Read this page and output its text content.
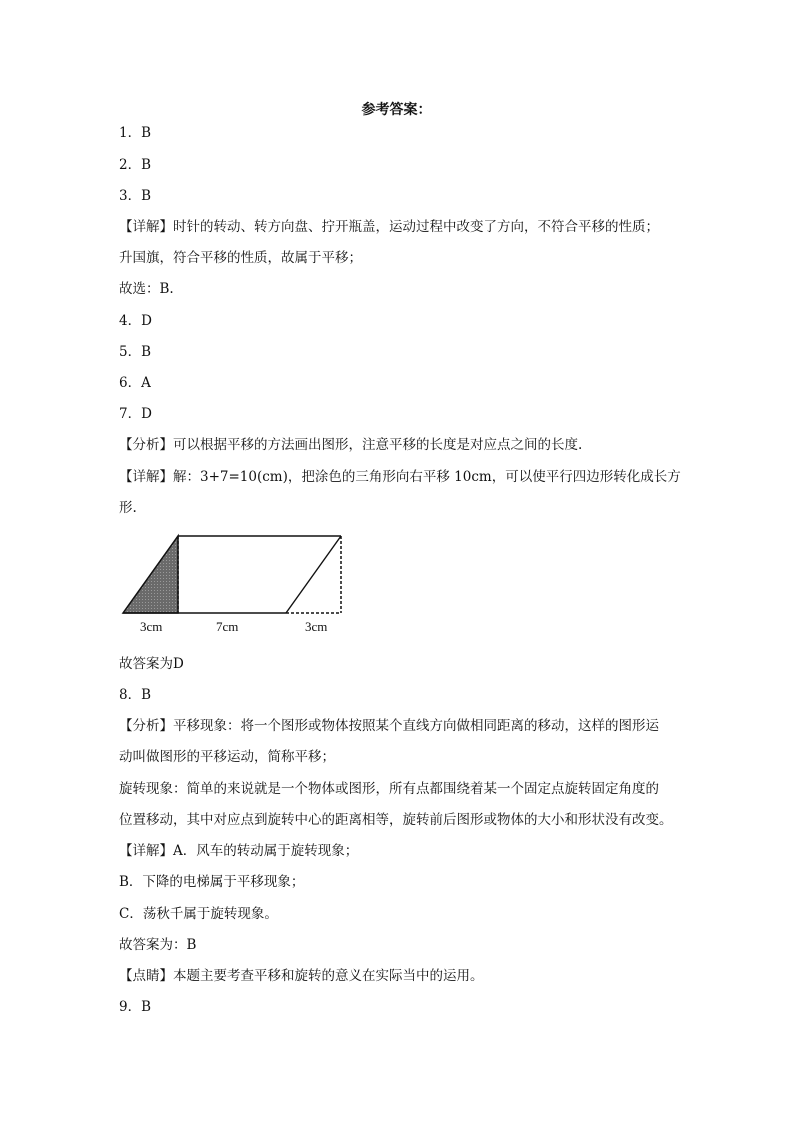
参考答案：
1．B
2．B
3．B
【详解】时针的转动、转方向盘、拧开瓶盖，运动过程中改变了方向，不符合平移的性质；
升国旗，符合平移的性质，故属于平移；
故选：B.
4．D
5．B
6．A
7．D
【分析】可以根据平移的方法画出图形，注意平移的长度是对应点之间的长度.
【详解】解：3+7=10(cm)，把涂色的三角形向右平移 10cm，可以使平行四边形转化成长方
形.
3cm	7cm	3cm
故答案为D
8．B
【分析】平移现象：将一个图形或物体按照某个直线方向做相同距离的移动，这样的图形运
动叫做图形的平移运动，简称平移；
旋转现象：简单的来说就是一个物体或图形，所有点都围绕着某一个固定点旋转固定角度的
位置移动，其中对应点到旋转中心的距离相等，旋转前后图形或物体的大小和形状没有改变。
【详解】A．风车的转动属于旋转现象；
B．下降的电梯属于平移现象；
C．荡秋千属于旋转现象。
故答案为：B
【点睛】本题主要考查平移和旋转的意义在实际当中的运用。
9．B
